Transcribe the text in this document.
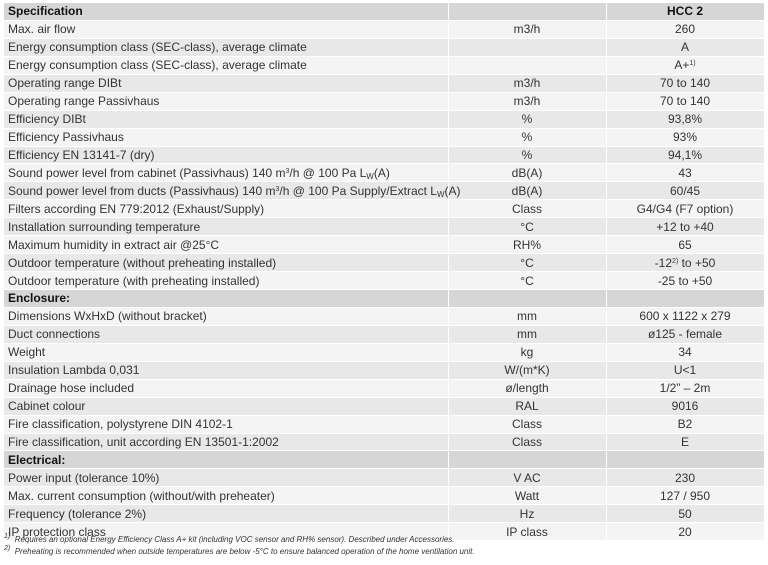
Specification		HCC 2
Max. air flow	m3/h	260
Energy consumption class (SEC-class), average climate		A
Energy consumption class (SEC-class), average climate		A+$^{1)}$
Operating range DIBt	m3/h	70 to 140
Operating range Passivhaus	m3/h	70 to 140
Efficiency DIBt	%	93,8%
Efficiency Passivhaus	%	93%
Efficiency EN 13141-7 (dry)	%	94,1%
Sound power level from cabinet (Passivhaus) 140 $m^3/h$ @ 100 Pa $L_W(A)$	dB(A)	43
Sound power level from ducts (Passivhaus) 140 $m^3/h$ @ 100 Pa Supply/Extract $L_W(A)$	dB(A)	60/45
Filters according EN 779:2012 (Exhaust/Supply)	Class	G4/G4 (F7 option)
Installation surrounding temperature	°C	+12 to +40
Maximum humidity in extract air @25°C	RH%	65
Outdoor temperature (without preheating installed)	°C	-12$^{2)}$ to +50
Outdoor temperature (with preheating installed)	°C	-25 to +50
Enclosure:		
Dimensions WxHxD (without bracket)	mm	600 x 1122 x 279
Duct connections	mm	ø125 - female
Weight	kg	34
Insulation Lambda 0,031	W/(m*K)	U<1
Drainage hose included	ø/length	1/2” – 2m
Cabinet colour	RAL	9016
Fire classification, polystyrene DIN 4102-1	Class	B2
Fire classification, unit according EN 13501-1:2002	Class	E
Electrical:		
Power input (tolerance 10%)	V AC	230
Max. current consumption (without/with preheater)	Watt	127 / 950
Frequency (tolerance 2%)	Hz	50
IP protection class	IP class	20
$^{1)}$ Requires an optional Energy Efficiency Class A+ kit (including VOC sensor and RH% sensor). Described under Accessories.
$^{2)}$ Preheating is recommended when outside temperatures are below -5°C to ensure balanced operation of the home ventilation unit.
